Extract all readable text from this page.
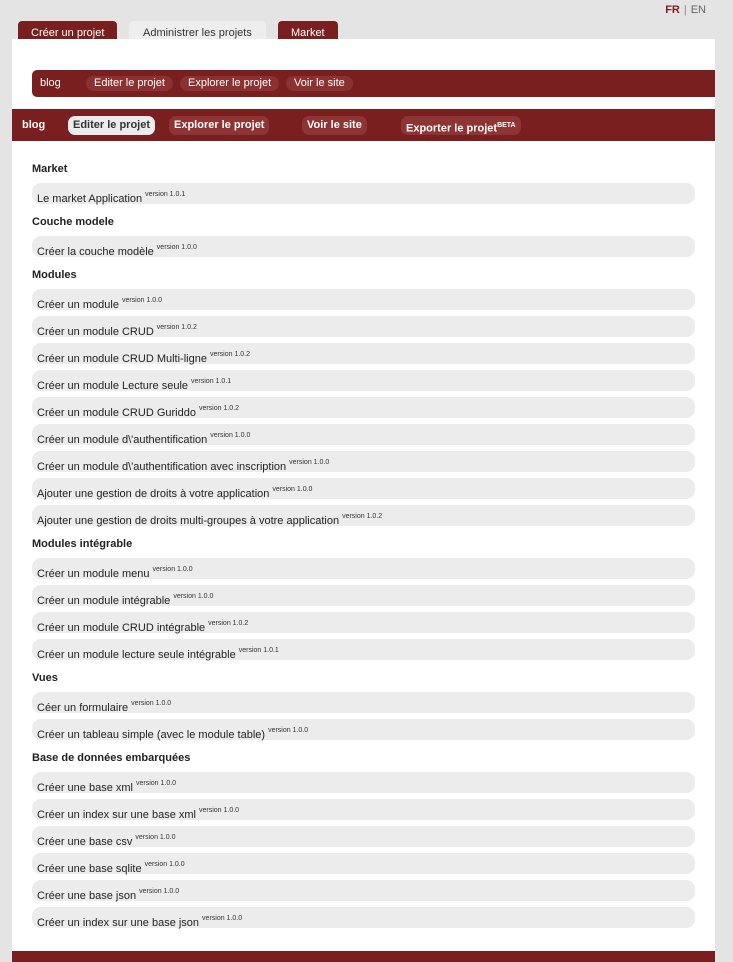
FR | EN
Créer un projet	Administrer les projets	Market
blog	Editer le projet	Explorer le projet	Voir le site
blog	Editer le projet	Explorer le projet	Voir le site	Exporter le projet$^{BETA}$
Market
Le market Application $^{version 1.0.1}$
Couche modele
Créer la couche modèle $^{version 1.0.0}$
Modules
Créer un module $^{version 1.0.0}$
Créer un module CRUD $^{version 1.0.2}$
Créer un module CRUD Multi-ligne $^{version 1.0.2}$
Créer un module Lecture seule $^{version 1.0.1}$
Créer un module CRUD Guriddo $^{version 1.0.2}$
Créer un module d\'authentification $^{version 1.0.0}$
Créer un module d\'authentification avec inscription $^{version 1.0.0}$
Ajouter une gestion de droits à votre application $^{version 1.0.0}$
Ajouter une gestion de droits multi-groupes à votre application $^{version 1.0.2}$
Modules intégrable
Créer un module menu $^{version 1.0.0}$
Créer un module intégrable $^{version 1.0.0}$
Créer un module CRUD intégrable $^{version 1.0.2}$
Créer un module lecture seule intégrable $^{version 1.0.1}$
Vues
Céer un formulaire $^{version 1.0.0}$
Créer un tableau simple (avec le module table) $^{version 1.0.0}$
Base de données embarquées
Créer une base xml $^{version 1.0.0}$
Créer un index sur une base xml $^{version 1.0.0}$
Créer une base csv $^{version 1.0.0}$
Créer une base sqlite $^{version 1.0.0}$
Créer une base json $^{version 1.0.0}$
Créer un index sur une base json $^{version 1.0.0}$
